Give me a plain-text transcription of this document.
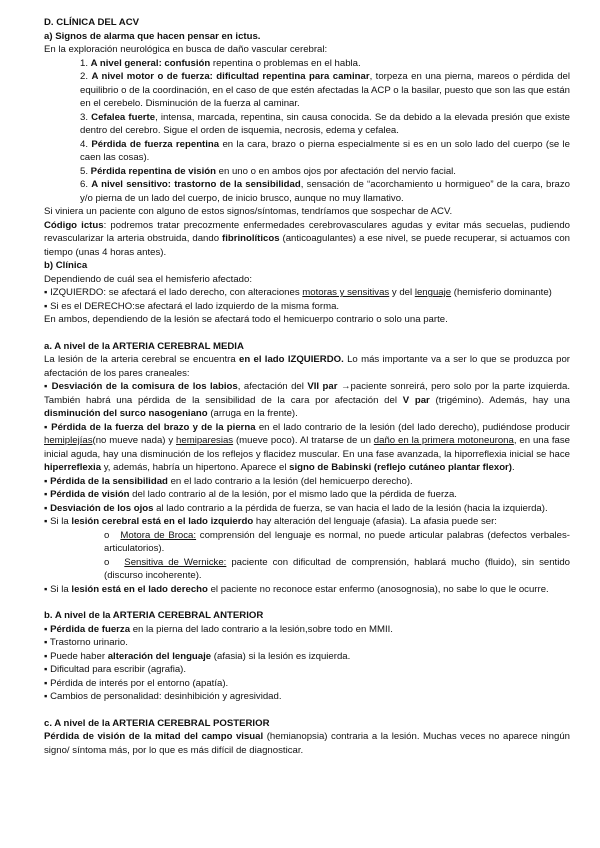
D. CLÍNICA DEL ACV

a) Signos de alarma que hacen pensar en ictus.

En la exploración neurológica en busca de daño vascular cerebral:

1. A nivel general: confusión repentina o problemas en el habla.

2. A nivel motor o de fuerza: dificultad repentina para caminar, torpeza en una pierna, mareos o pérdida del equilibrio o de la coordinación, en el caso de que estén afectadas la ACP o la basilar, puesto que son las que están en el cerebelo. Disminución de la fuerza al caminar.

3. Cefalea fuerte, intensa, marcada, repentina, sin causa conocida. Se da debido a la elevada presión que existe dentro del cerebro. Sigue el orden de isquemia, necrosis, edema y cefalea.

4. Pérdida de fuerza repentina en la cara, brazo o pierna especialmente si es en un solo lado del cuerpo (se le caen las cosas).

5. Pérdida repentina de visión en uno o en ambos ojos por afectación del nervio facial.

6. A nivel sensitivo: trastorno de la sensibilidad, sensación de “acorchamiento u hormigueo” de la cara, brazo y/o pierna de un lado del cuerpo, de inicio brusco, aunque no muy llamativo.

Si viniera un paciente con alguno de estos signos/síntomas, tendríamos que sospechar de ACV.

Código ictus: podremos tratar precozmente enfermedades cerebrovasculares agudas y evitar más secuelas, pudiendo revascularizar la arteria obstruida, dando fibrinolíticos (anticoagulantes) a ese nivel, se puede recuperar, si actuamos con tiempo (unas 4 horas antes).

b) Clínica

Dependiendo de cuál sea el hemisferio afectado:

▪ IZQUIERDO: se afectará el lado derecho, con alteraciones motoras y sensitivas y del lenguaje (hemisferio dominante)

▪ Si es el DERECHO:se afectará el lado izquierdo de la misma forma.

En ambos, dependiendo de la lesión se afectará todo el hemicuerpo contrario o solo una parte.

a. A nivel de la ARTERIA CEREBRAL MEDIA

La lesión de la arteria cerebral se encuentra en el lado IZQUIERDO. Lo más importante va a ser lo que se produzca por afectación de los pares craneales:

▪ Desviación de la comisura de los labios, afectación del VII par →paciente sonreirá, pero solo por la parte izquierda. También habrá una pérdida de la sensibilidad de la cara por afectación del V par (trigémino). Además, hay una disminución del surco nasogeniano (arruga en la frente).

▪ Pérdida de la fuerza del brazo y de la pierna en el lado contrario de la lesión (del lado derecho), pudiéndose producir hemiplejías(no mueve nada) y hemiparesias (mueve poco). Al tratarse de un daño en la primera motoneurona, en una fase inicial aguda, hay una disminución de los reflejos y flacidez muscular. En una fase avanzada, la hiporreflexia inicial se hace hiperreflexia y, además, habría un hipertono. Aparece el signo de Babinski (reflejo cutáneo plantar flexor).

▪ Pérdida de la sensibilidad en el lado contrario a la lesión (del hemicuerpo derecho).

▪ Pérdida de visión del lado contrario al de la lesión, por el mismo lado que la pérdida de fuerza.

▪ Desviación de los ojos al lado contrario a la pérdida de fuerza, se van hacia el lado de la lesión (hacia la izquierda).

▪ Si la lesión cerebral está en el lado izquierdo hay alteración del lenguaje (afasia). La afasia puede ser:

o Motora de Broca: comprensión del lenguaje es normal, no puede articular palabras (defectos verbales-articulatorios).

o Sensitiva de Wernicke: paciente con dificultad de comprensión, hablará mucho (fluido), sin sentido (discurso incoherente).

▪ Si la lesión está en el lado derecho el paciente no reconoce estar enfermo (anosognosia), no sabe lo que le ocurre.

b. A nivel de la ARTERIA CEREBRAL ANTERIOR

▪ Pérdida de fuerza en la pierna del lado contrario a la lesión,sobre todo en MMII.

▪ Trastorno urinario.

▪ Puede haber alteración del lenguaje (afasia) si la lesión es izquierda.

▪ Dificultad para escribir (agrafia).

▪ Pérdida de interés por el entorno (apatía).

▪ Cambios de personalidad: desinhibición y agresividad.

c. A nivel de la ARTERIA CEREBRAL POSTERIOR

Pérdida de visión de la mitad del campo visual (hemianopsia) contraria a la lesión. Muchas veces no aparece ningún signo/ síntoma más, por lo que es más difícil de diagnosticar.
